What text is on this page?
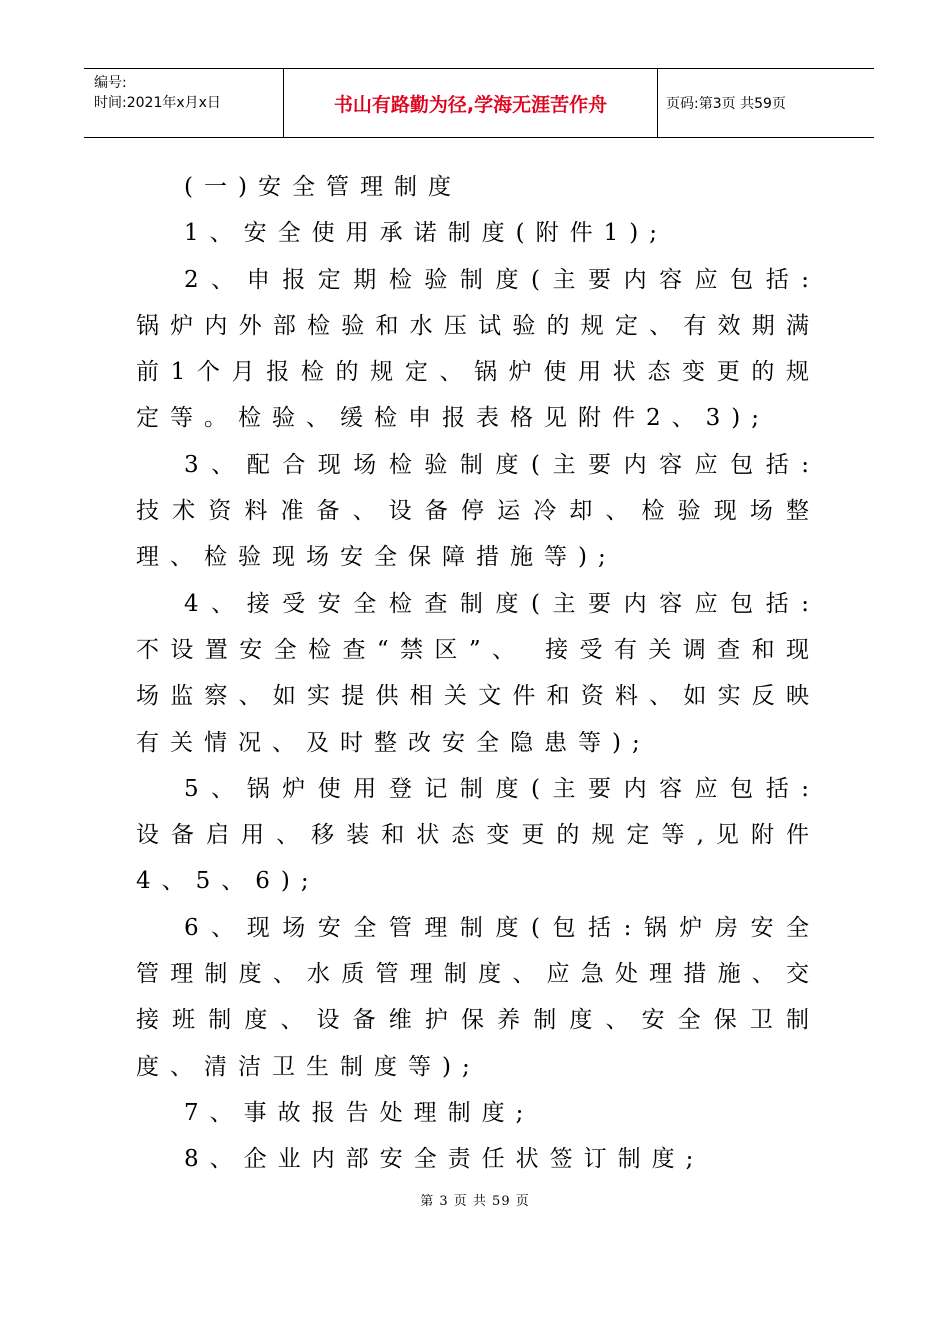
编号:
时间:2021年x月x日	书山有路勤为径,学海无涯苦作舟	页码:第3页 共59页

(一)安全管理制度

1、安全使用承诺制度(附件1);

2、申报定期检验制度(主要内容应包括:锅炉内外部检验和水压试验的规定、有效期满前1个月报检的规定、锅炉使用状态变更的规定等。检验、缓检申报表格见附件2、3);

3、配合现场检验制度(主要内容应包括:技术资料准备、设备停运冷却、检验现场整理、检验现场安全保障措施等);

4、接受安全检查制度(主要内容应包括:不设置安全检查“禁区”、 接受有关调查和现场监察、如实提供相关文件和资料、如实反映有关情况、及时整改安全隐患等);

5、锅炉使用登记制度(主要内容应包括:设备启用、移装和状态变更的规定等,见附件4、5、6);

6、现场安全管理制度(包括:锅炉房安全管理制度、水质管理制度、应急处理措施、交接班制度、设备维护保养制度、安全保卫制度、清洁卫生制度等);

7、事故报告处理制度;

8、企业内部安全责任状签订制度;

第 3 页 共 59 页
